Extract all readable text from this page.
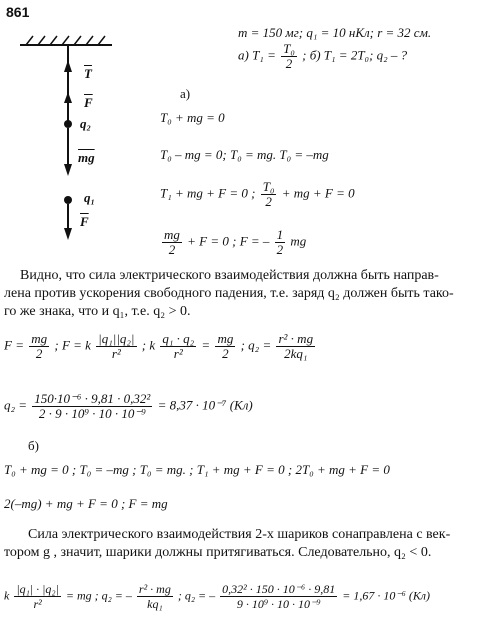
861
$\overline{T}$
$\overline{F}$
q₂
$\overline{mg}$
q₁
$\overline{F}$
m = 150 мг; q₁ = 10 нКл; r = 32 см.
а) $T_1 = \frac{\text{T₀}}{2}$ ; б) T₁ = 2T₀; q₂ – ?
а)
T₀ + mg = 0
T₀ – mg = 0; T₀ = mg. T₀ = –mg
T₁ + mg + F = 0 ; $\frac{\text{T₀}}{2}$ + mg + F = 0
$\frac{mg}{2} + F = 0$ ; F = – $\frac{1}{2}$ mg
Видно, что сила электрического взаимодействия должна быть направ-
лена против ускорения свободного падения, т.е. заряд q₂ должен быть тако-
го же знака, что и q₁, т.е. q₂ > 0.
$F = \frac{mg}{2}$ ; F = k $\frac{\text{|q₁||q₂|}}{\text{r²}}$ ; k $\frac{\text{q₁ · q₂}}{\text{r²}} = \frac{mg}{2}$ ; $q_2 = \frac{\text{r² · mg}}{\text{2kq₁}}$
$q_2 = \frac{\text{150·10⁻⁶ · 9,81 · 0,32²}}{\text{2 · 9 · 10⁹ · 10 · 10⁻⁹}} = 8,37 \cdot 10^{-7}$ (Кл)
б)
T₀ + mg = 0 ; T₀ = –mg ; T₀ = mg. ; T₁ + mg + F = 0 ; 2T₀ + mg + F = 0
2(–mg) + mg + F = 0 ; F = mg
Сила электрического взаимодействия 2-х шариков сонаправлена с век-
тором g , значит, шарики должны притягиваться. Следовательно, q₂ < 0.
k $\frac{\text{|q₁| · |q₂|}}{\text{r²}}$ = mg ; q₂ = – $\frac{\text{r² · mg}}{\text{kq₁}}$ ; q₂ = – $\frac{\text{0,32² · 150 · 10⁻⁶ · 9,81}}{\text{9 · 10⁹ · 10 · 10⁻⁹}} = 1,67 \cdot 10^{-6}$ (Кл)
